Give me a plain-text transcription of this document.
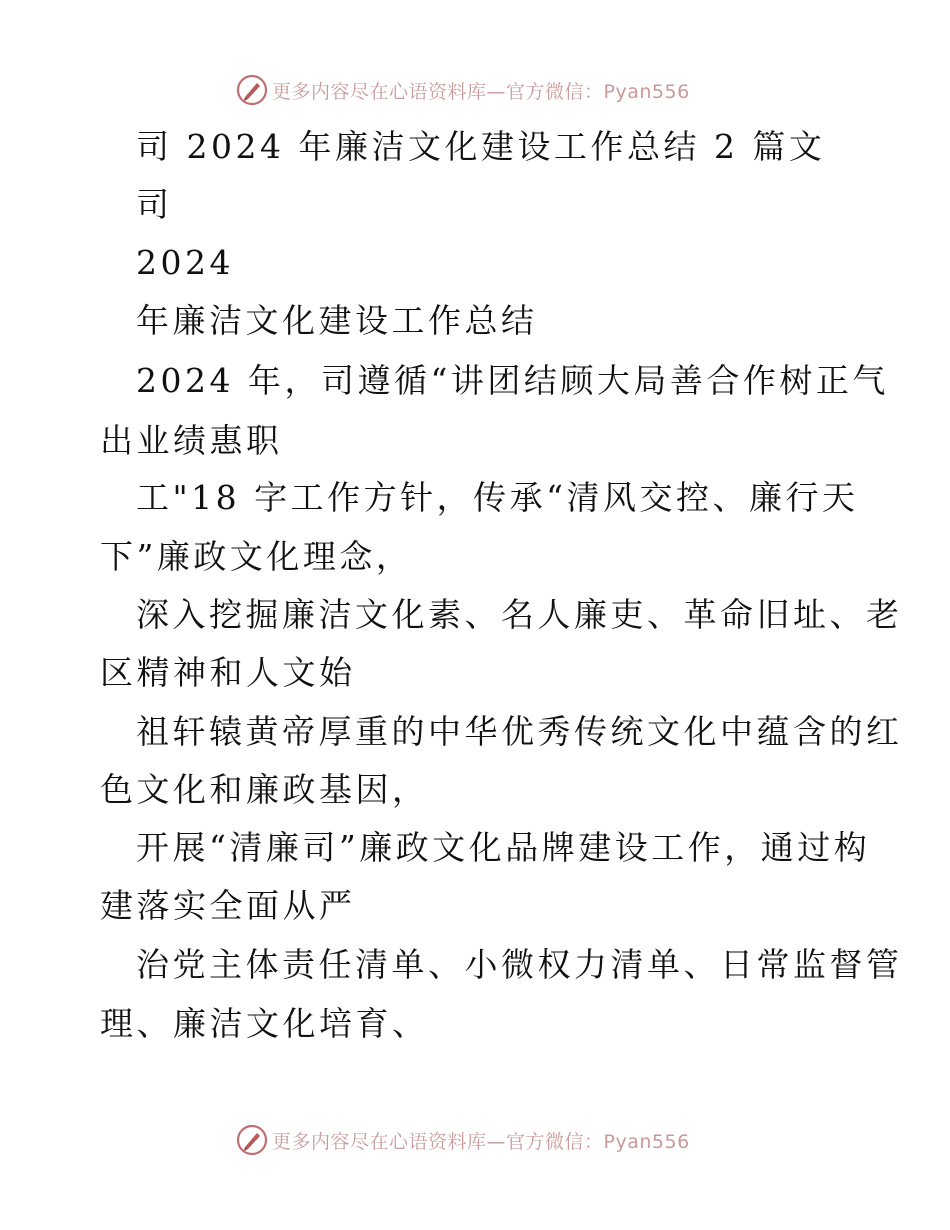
更多内容尽在心语资料库—官方微信：Pyan556
司 2024 年廉洁文化建设工作总结 2 篇文
司
2024
年廉洁文化建设工作总结
2024 年，司遵循“讲团结顾大局善合作树正气
出业绩惠职
工"18 字工作方针，传承“清风交控、廉行天
下”廉政文化理念，
深入挖掘廉洁文化素、名人廉吏、革命旧址、老
区精神和人文始
祖轩辕黄帝厚重的中华优秀传统文化中蕴含的红
色文化和廉政基因，
开展“清廉司”廉政文化品牌建设工作，通过构
建落实全面从严
治党主体责任清单、小微权力清单、日常监督管
理、廉洁文化培育、
更多内容尽在心语资料库—官方微信：Pyan556
